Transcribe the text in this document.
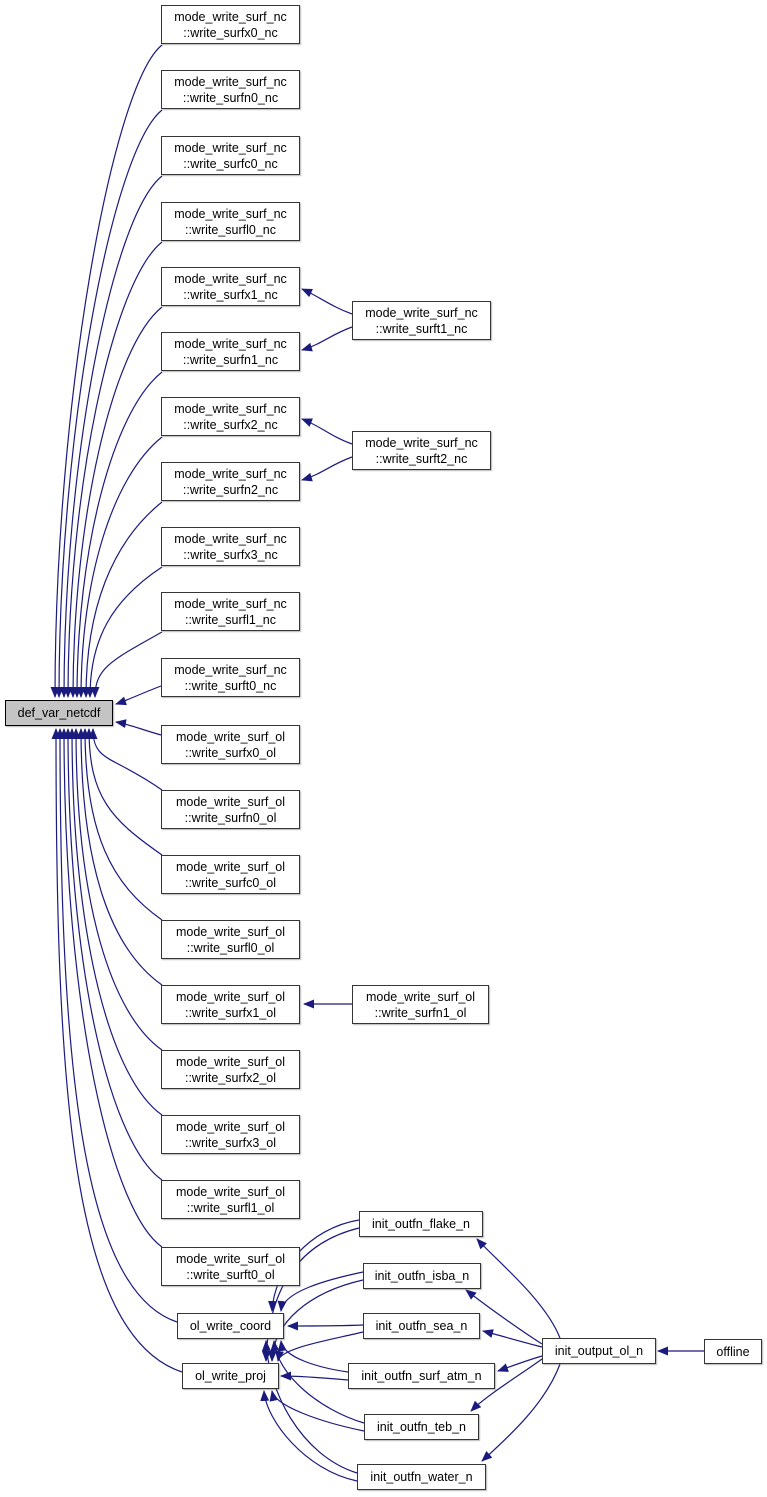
mode_write_surf_nc
::write_surfx0_nc
mode_write_surf_nc
::write_surfn0_nc
mode_write_surf_nc
::write_surfc0_nc
mode_write_surf_nc
::write_surfl0_nc
mode_write_surf_nc
::write_surfx1_nc
mode_write_surf_nc
::write_surfn1_nc
mode_write_surf_nc
::write_surfx2_nc
mode_write_surf_nc
::write_surfn2_nc
mode_write_surf_nc
::write_surfx3_nc
mode_write_surf_nc
::write_surfl1_nc
mode_write_surf_nc
::write_surft0_nc
mode_write_surf_ol
::write_surfx0_ol
mode_write_surf_ol
::write_surfn0_ol
mode_write_surf_ol
::write_surfc0_ol
mode_write_surf_ol
::write_surfl0_ol
mode_write_surf_ol
::write_surfx1_ol
mode_write_surf_ol
::write_surfx2_ol
mode_write_surf_ol
::write_surfx3_ol
mode_write_surf_ol
::write_surfl1_ol
mode_write_surf_ol
::write_surft0_ol
ol_write_coord
ol_write_proj
def_var_netcdf
mode_write_surf_nc
::write_surft1_nc
mode_write_surf_nc
::write_surft2_nc
mode_write_surf_ol
::write_surfn1_ol
init_outfn_flake_n
init_outfn_isba_n
init_outfn_sea_n
init_outfn_surf_atm_n
init_outfn_teb_n
init_outfn_water_n
init_output_ol_n	offline
